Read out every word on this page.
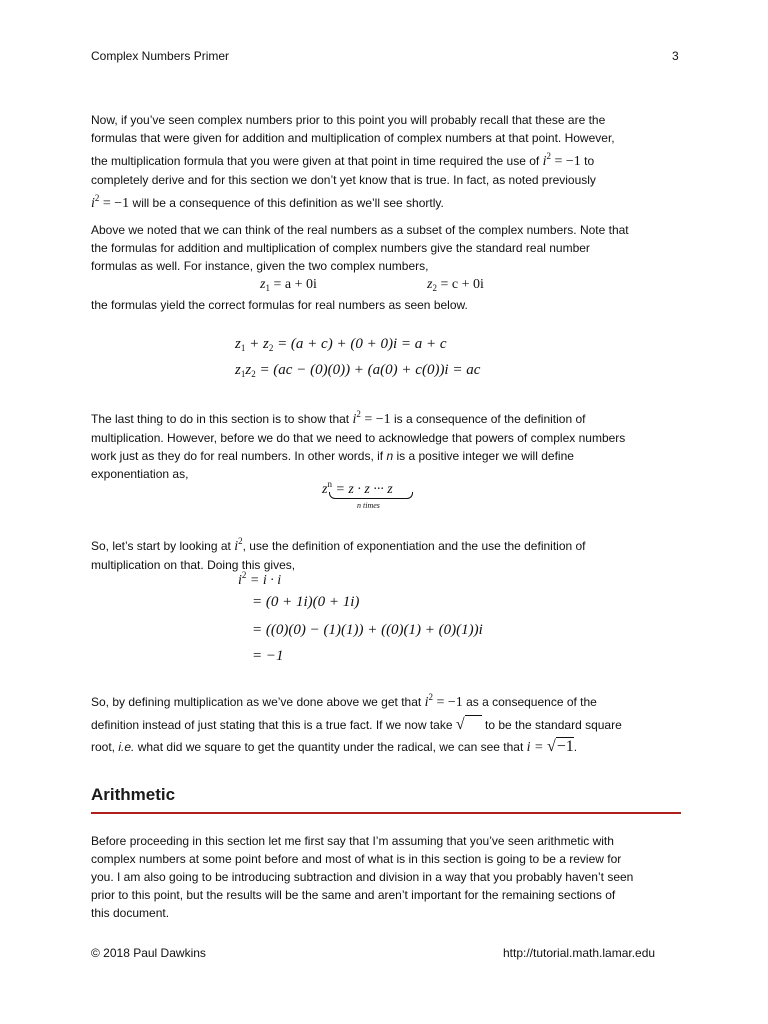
Complex Numbers Primer	3
Now, if you’ve seen complex numbers prior to this point you will probably recall that these are the
formulas that were given for addition and multiplication of complex numbers at that point. However,
the multiplication formula that you were given at that point in time required the use of $i^2 = -1$ to
completely derive and for this section we don’t yet know that is true. In fact, as noted previously
$i^2 = -1$ will be a consequence of this definition as we’ll see shortly.
Above we noted that we can think of the real numbers as a subset of the complex numbers. Note that
the formulas for addition and multiplication of complex numbers give the standard real number
formulas as well. For instance, given the two complex numbers,
$z_1 = a + 0i$	$z_2 = c + 0i$
the formulas yield the correct formulas for real numbers as seen below.
$z_1 + z_2 = (a + c) + (0 + 0)i = a + c$
$z_1z_2 = (ac - (0)(0)) + (a(0) + c(0))i$ = ac
The last thing to do in this section is to show that $i^2 = -1$ is a consequence of the definition of
multiplication. However, before we do that we need to acknowledge that powers of complex numbers
work just as they do for real numbers. In other words, if n is a positive integer we will define
exponentiation as,
$z^n = z \cdot z$ ··· z
n times
So, let’s start by looking at $i^2$, use the definition of exponentiation and the use the definition of
multiplication on that. Doing this gives,
$i^2 = i \cdot i$
= (0 + 1i)(0 + 1i)
= ((0)(0) − (1)(1)) + ((0)(1) + (0)(1))i
= −1
So, by defining multiplication as we’ve done above we get that $i^2 = -1$ as a consequence of the
definition instead of just stating that this is a true fact. If we now take √  to be the standard square
root, i.e. what did we square to get the quantity under the radical, we can see that i = √−1.
Arithmetic
Before proceeding in this section let me first say that I’m assuming that you’ve seen arithmetic with
complex numbers at some point before and most of what is in this section is going to be a review for
you. I am also going to be introducing subtraction and division in a way that you probably haven’t seen
prior to this point, but the results will be the same and aren’t important for the remaining sections of
this document.
© 2018 Paul Dawkins	http://tutorial.math.lamar.edu
